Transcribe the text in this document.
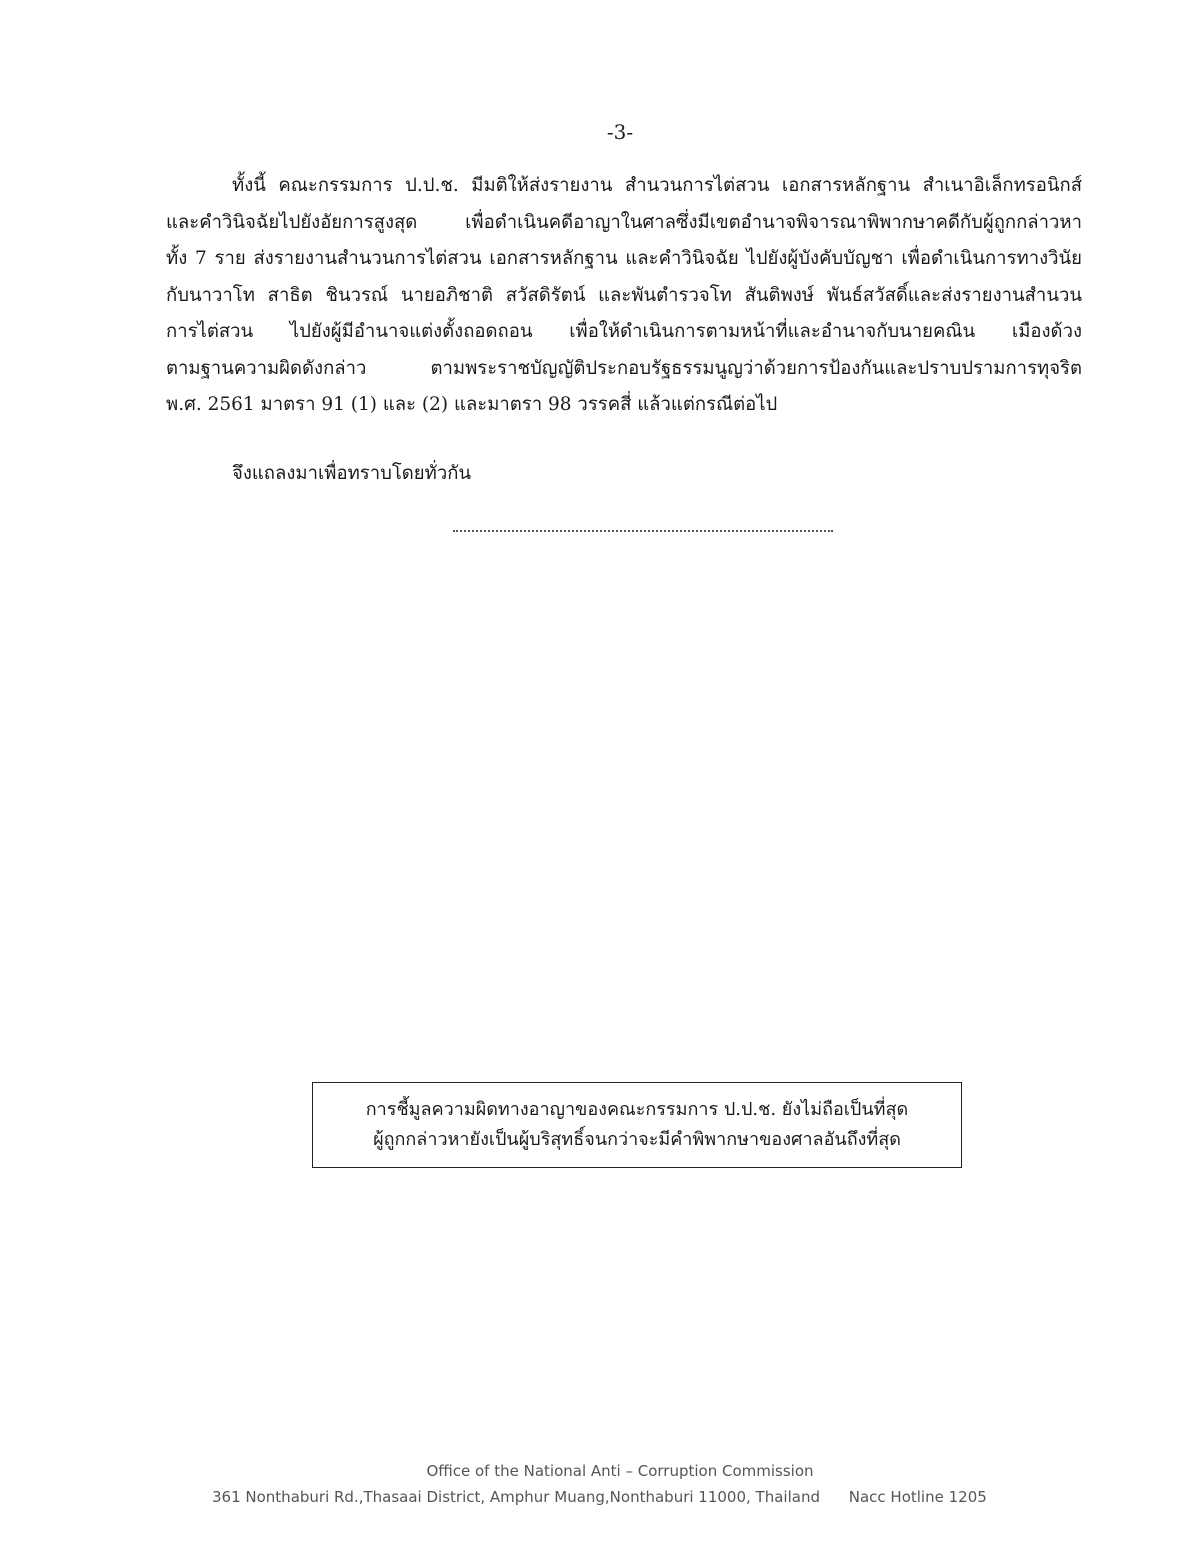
-3-
ทั้งนี้ คณะกรรมการ ป.ป.ช. มีมติให้ส่งรายงาน สำนวนการไต่สวน เอกสารหลักฐาน สำเนาอิเล็กทรอนิกส์
และคำวินิจฉัยไปยังอัยการสูงสุด เพื่อดำเนินคดีอาญาในศาลซึ่งมีเขตอำนาจพิจารณาพิพากษาคดีกับผู้ถูกกล่าวหา
ทั้ง 7 ราย ส่งรายงานสำนวนการไต่สวน เอกสารหลักฐาน และคำวินิจฉัย ไปยังผู้บังคับบัญชา เพื่อดำเนินการทางวินัย
กับนาวาโท สาธิต ชินวรณ์ นายอภิชาติ สวัสดิรัตน์ และพันตำรวจโท สันติพงษ์ พันธ์สวัสดิ์และส่งรายงานสำนวน
การไต่สวน ไปยังผู้มีอำนาจแต่งตั้งถอดถอน เพื่อให้ดำเนินการตามหน้าที่และอำนาจกับนายคณิน เมืองด้วง
ตามฐานความผิดดังกล่าว ตามพระราชบัญญัติประกอบรัฐธรรมนูญว่าด้วยการป้องกันและปราบปรามการทุจริต
พ.ศ. 2561 มาตรา 91 (1) และ (2) และมาตรา 98 วรรคสี่ แล้วแต่กรณีต่อไป
จึงแถลงมาเพื่อทราบโดยทั่วกัน
การชี้มูลความผิดทางอาญาของคณะกรรมการ ป.ป.ช. ยังไม่ถือเป็นที่สุด
ผู้ถูกกล่าวหายังเป็นผู้บริสุทธิ์จนกว่าจะมีคำพิพากษาของศาลอันถึงที่สุด
Office of the National Anti – Corruption Commission
361 Nonthaburi Rd.,Thasaai District, Amphur Muang,Nonthaburi 11000, Thailand Nacc Hotline 1205
